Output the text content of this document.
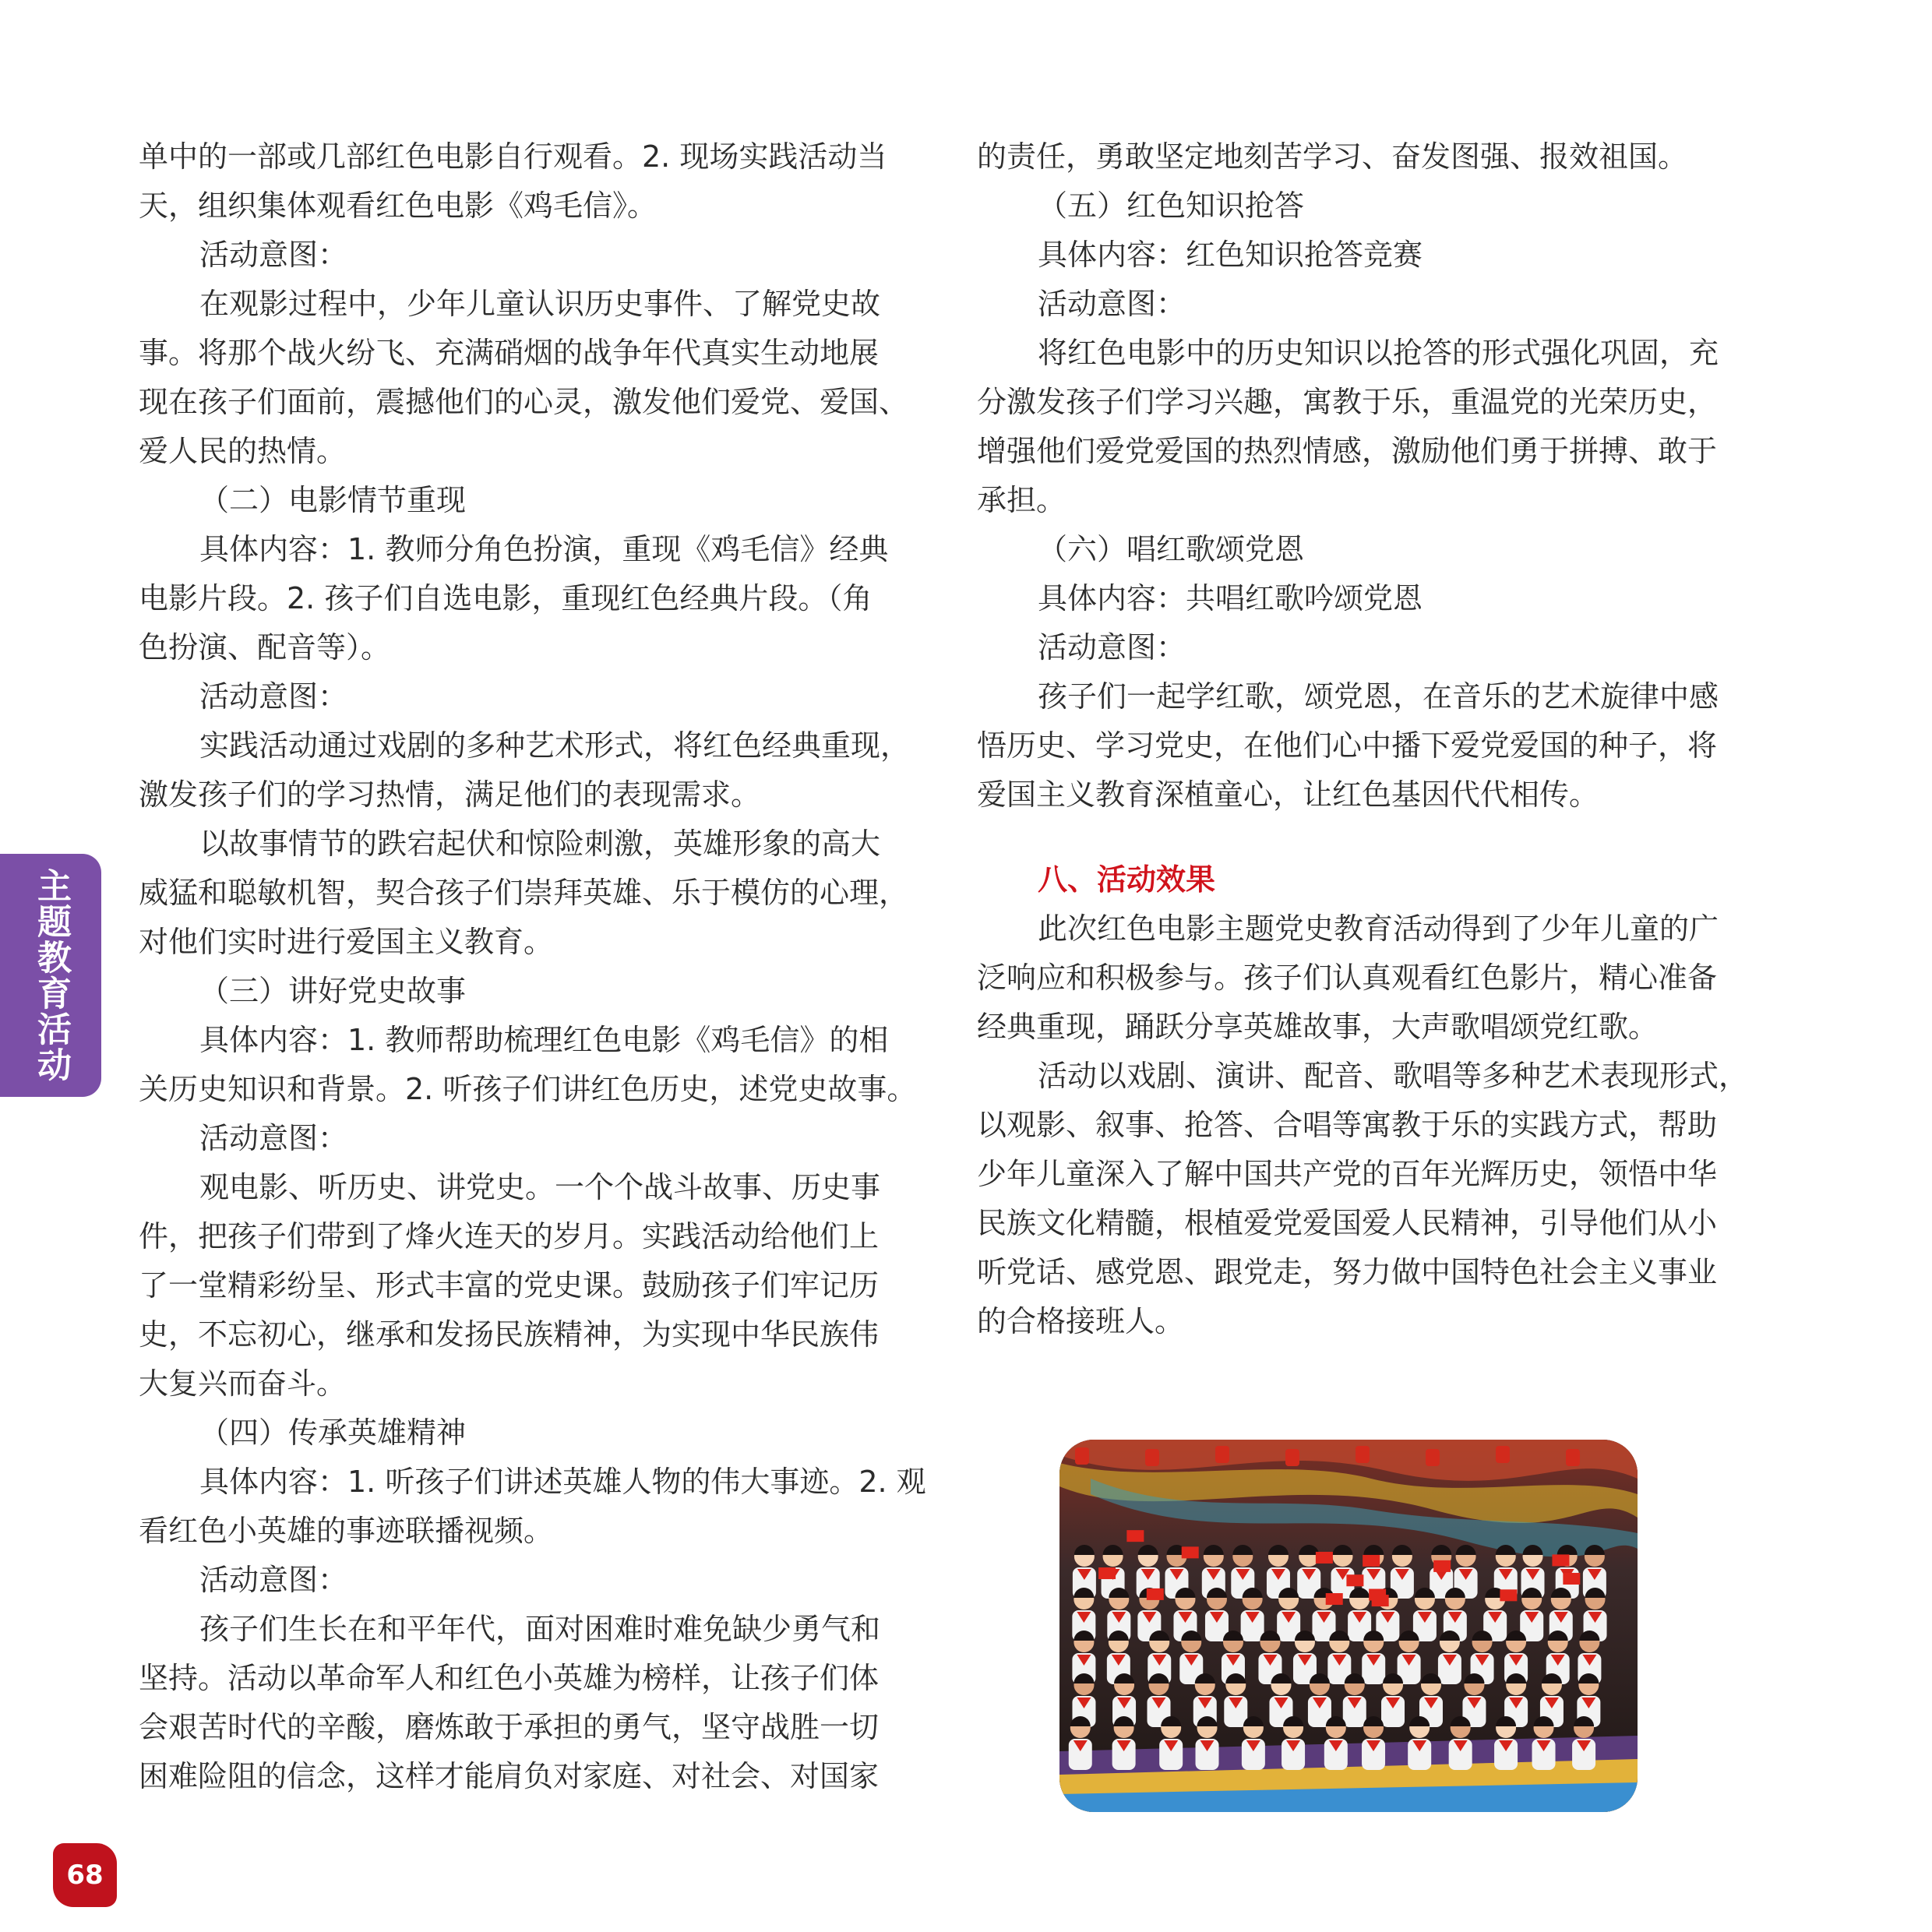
主题教育活动

单中的一部或几部红色电影自行观看。2. 现场实践活动当

天，组织集体观看红色电影《鸡毛信》。

活动意图：

在观影过程中，少年儿童认识历史事件、了解党史故

事。将那个战火纷飞、充满硝烟的战争年代真实生动地展

现在孩子们面前，震撼他们的心灵，激发他们爱党、爱国、

爱人民的热情。

（二）电影情节重现

具体内容：1. 教师分角色扮演，重现《鸡毛信》经典

电影片段。2. 孩子们自选电影，重现红色经典片段。（角

色扮演、配音等）。

活动意图：

实践活动通过戏剧的多种艺术形式，将红色经典重现，

激发孩子们的学习热情，满足他们的表现需求。

以故事情节的跌宕起伏和惊险刺激，英雄形象的高大

威猛和聪敏机智，契合孩子们崇拜英雄、乐于模仿的心理，

对他们实时进行爱国主义教育。

（三）讲好党史故事

具体内容：1. 教师帮助梳理红色电影《鸡毛信》的相

关历史知识和背景。2. 听孩子们讲红色历史，述党史故事。

活动意图：

观电影、听历史、讲党史。一个个战斗故事、历史事

件，把孩子们带到了烽火连天的岁月。实践活动给他们上

了一堂精彩纷呈、形式丰富的党史课。鼓励孩子们牢记历

史，不忘初心，继承和发扬民族精神，为实现中华民族伟

大复兴而奋斗。

（四）传承英雄精神

具体内容：1. 听孩子们讲述英雄人物的伟大事迹。2. 观

看红色小英雄的事迹联播视频。

活动意图：

孩子们生长在和平年代，面对困难时难免缺少勇气和

坚持。活动以革命军人和红色小英雄为榜样，让孩子们体

会艰苦时代的辛酸，磨炼敢于承担的勇气，坚守战胜一切

困难险阻的信念，这样才能肩负对家庭、对社会、对国家

的责任，勇敢坚定地刻苦学习、奋发图强、报效祖国。

（五）红色知识抢答

具体内容：红色知识抢答竞赛

活动意图：

将红色电影中的历史知识以抢答的形式强化巩固，充

分激发孩子们学习兴趣，寓教于乐，重温党的光荣历史，

增强他们爱党爱国的热烈情感，激励他们勇于拼搏、敢于

承担。

（六）唱红歌颂党恩

具体内容：共唱红歌吟颂党恩

活动意图：

孩子们一起学红歌，颂党恩，在音乐的艺术旋律中感

悟历史、学习党史，在他们心中播下爱党爱国的种子，将

爱国主义教育深植童心，让红色基因代代相传。

八、活动效果

此次红色电影主题党史教育活动得到了少年儿童的广

泛响应和积极参与。孩子们认真观看红色影片，精心准备

经典重现，踊跃分享英雄故事，大声歌唱颂党红歌。

活动以戏剧、演讲、配音、歌唱等多种艺术表现形式，

以观影、叙事、抢答、合唱等寓教于乐的实践方式，帮助

少年儿童深入了解中国共产党的百年光辉历史，领悟中华

民族文化精髓，根植爱党爱国爱人民精神，引导他们从小

听党话、感党恩、跟党走，努力做中国特色社会主义事业

的合格接班人。

68
